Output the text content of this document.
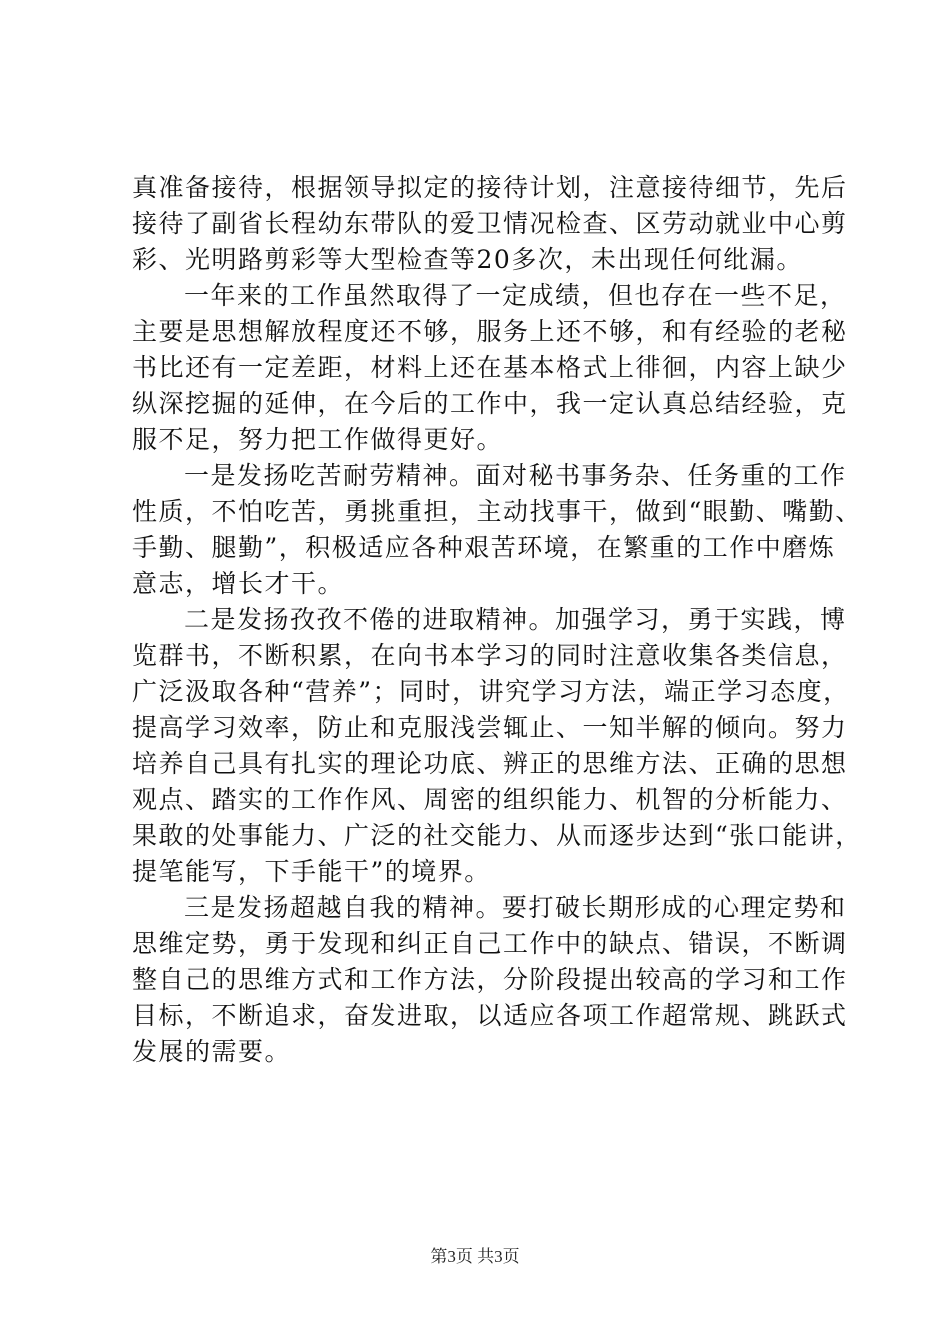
真准备接待，根据领导拟定的接待计划，注意接待细节，先后
接待了副省长程幼东带队的爱卫情况检查、区劳动就业中心剪
彩、光明路剪彩等大型检查等20多次，未出现任何纰漏。
一年来的工作虽然取得了一定成绩，但也存在一些不足，
主要是思想解放程度还不够，服务上还不够，和有经验的老秘
书比还有一定差距，材料上还在基本格式上徘徊，内容上缺少
纵深挖掘的延伸，在今后的工作中，我一定认真总结经验，克
服不足，努力把工作做得更好。
一是发扬吃苦耐劳精神。面对秘书事务杂、任务重的工作
性质，不怕吃苦，勇挑重担，主动找事干，做到“眼勤、嘴勤、
手勤、腿勤”，积极适应各种艰苦环境，在繁重的工作中磨炼
意志，增长才干。
二是发扬孜孜不倦的进取精神。加强学习，勇于实践，博
览群书，不断积累，在向书本学习的同时注意收集各类信息，
广泛汲取各种“营养”；同时，讲究学习方法，端正学习态度，
提高学习效率，防止和克服浅尝辄止、一知半解的倾向。努力
培养自己具有扎实的理论功底、辨正的思维方法、正确的思想
观点、踏实的工作作风、周密的组织能力、机智的分析能力、
果敢的处事能力、广泛的社交能力、从而逐步达到“张口能讲，
提笔能写，下手能干”的境界。
三是发扬超越自我的精神。要打破长期形成的心理定势和
思维定势，勇于发现和纠正自己工作中的缺点、错误，不断调
整自己的思维方式和工作方法，分阶段提出较高的学习和工作
目标，不断追求，奋发进取，以适应各项工作超常规、跳跃式
发展的需要。
第3页 共3页
